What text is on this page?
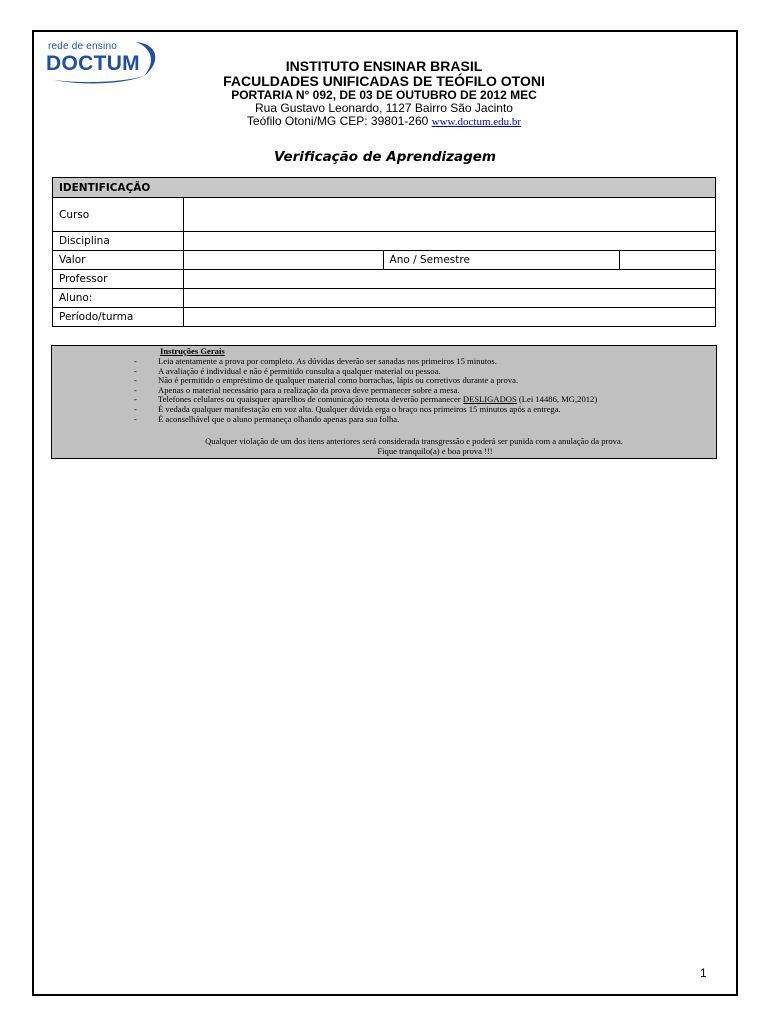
rede de ensino
DOCTUM	INSTITUTO ENSINAR BRASIL
FACULDADES UNIFICADAS DE TEÓFILO OTONI
PORTARIA N° 092, DE 03 DE OUTUBRO DE 2012 MEC
Rua Gustavo Leonardo, 1127 Bairro São Jacinto
Teófilo Otoni/MG CEP: 39801-260 www.doctum.edu.br
Verificação de Aprendizagem
IDENTIFICAÇÃO			
Curso			
Disciplina			
Valor		Ano / Semestre	
Professor			
Aluno:			
Período/turma			
Instruções Gerais
- Leia atentamente a prova por completo. As dúvidas deverão ser sanadas nos primeiros 15 minutos.
- A avaliação é individual e não é permitido consulta a qualquer material ou pessoa.
- Não é permitido o empréstimo de qualquer material como borrachas, lápis ou corretivos durante a prova.
- Apenas o material necessário para a realização da prova deve permanecer sobre a mesa.
- Telefones celulares ou quaisquer aparelhos de comunicação remota deverão permanecer DESLIGADOS (Lei 14486, MG,2012)
- É vedada qualquer manifestação em voz alta. Qualquer dúvida erga o braço nos primeiros 15 minutos após a entrega.
- É aconselhável que o aluno permaneça olhando apenas para sua folha.
Qualquer violação de um dos itens anteriores será considerada transgressão e poderá ser punida com a anulação da prova.
Fique tranquilo(a) e boa prova !!!
1
